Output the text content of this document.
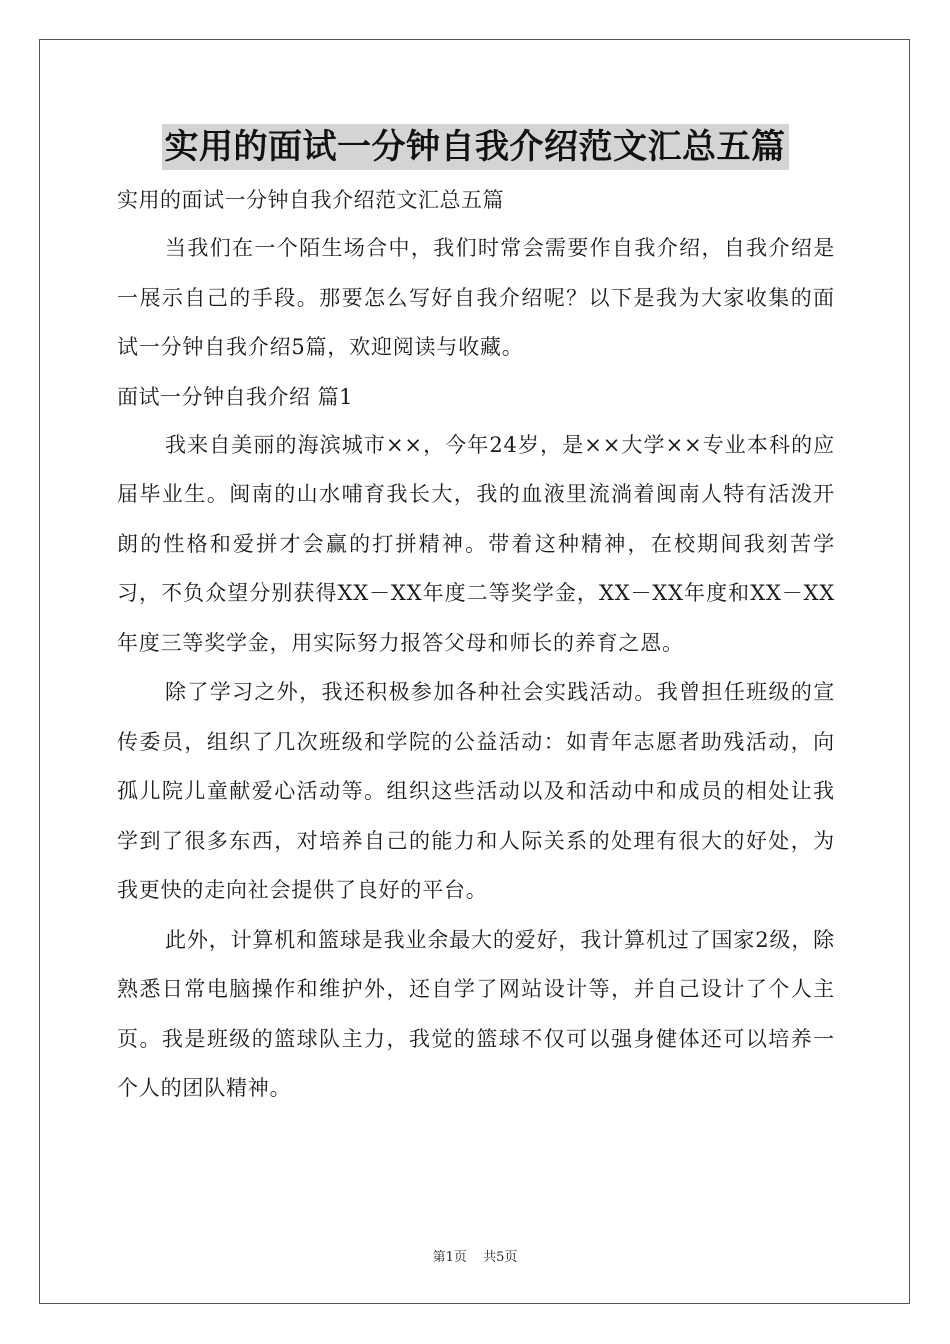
实用的面试一分钟自我介绍范文汇总五篇

实用的面试一分钟自我介绍范文汇总五篇

当我们在一个陌生场合中，我们时常会需要作自我介绍，自我介绍是一展示自己的手段。那要怎么写好自我介绍呢？以下是我为大家收集的面试一分钟自我介绍5篇，欢迎阅读与收藏。

面试一分钟自我介绍 篇1

我来自美丽的海滨城市××，今年24岁，是××大学××专业本科的应届毕业生。闽南的山水哺育我长大，我的血液里流淌着闽南人特有活泼开朗的性格和爱拼才会赢的打拼精神。带着这种精神，在校期间我刻苦学习，不负众望分别获得XX－XX年度二等奖学金，XX－XX年度和XX－XX年度三等奖学金，用实际努力报答父母和师长的养育之恩。

除了学习之外，我还积极参加各种社会实践活动。我曾担任班级的宣传委员，组织了几次班级和学院的公益活动：如青年志愿者助残活动，向孤儿院儿童献爱心活动等。组织这些活动以及和活动中和成员的相处让我学到了很多东西，对培养自己的能力和人际关系的处理有很大的好处，为我更快的走向社会提供了良好的平台。

此外，计算机和篮球是我业余最大的爱好，我计算机过了国家2级，除熟悉日常电脑操作和维护外，还自学了网站设计等，并自己设计了个人主页。我是班级的篮球队主力，我觉的篮球不仅可以强身健体还可以培养一个人的团队精神。

第1页 共5页
